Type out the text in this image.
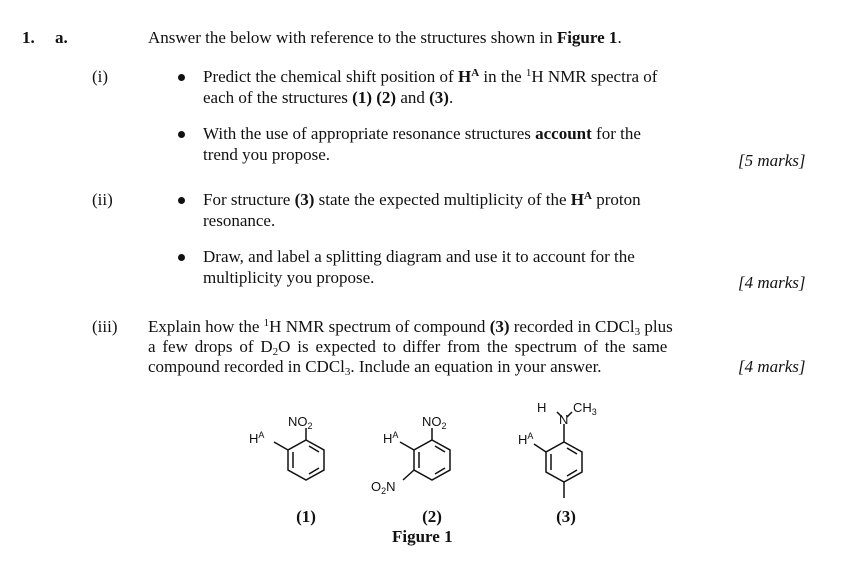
1. a.	Answer the below with reference to the structures shown in Figure 1.
(i)	Predict the chemical shift position of $H^A$ in the $^1$H NMR spectra of
each of the structures (1) (2) and (3).
With the use of appropriate resonance structures account for the
trend you propose.	[5 marks]
(ii)	For structure (3) state the expected multiplicity of the $H^A$ proton
resonance.
Draw, and label a splitting diagram and use it to account for the
multiplicity you propose.	[4 marks]
(iii) Explain how the $^1$H NMR spectrum of compound (3) recorded in CDCl3 plus
a few drops of D2O is expected to differ from the spectrum of the same
compound recorded in CDCl3. Include an equation in your answer.	[4 marks]
$NO_2$
$H^A$
$NO_2$
$H^A$
$O_2N$
H
N
$CH_3$
$H^A$
(1)	(2)	(3)
Figure 1
